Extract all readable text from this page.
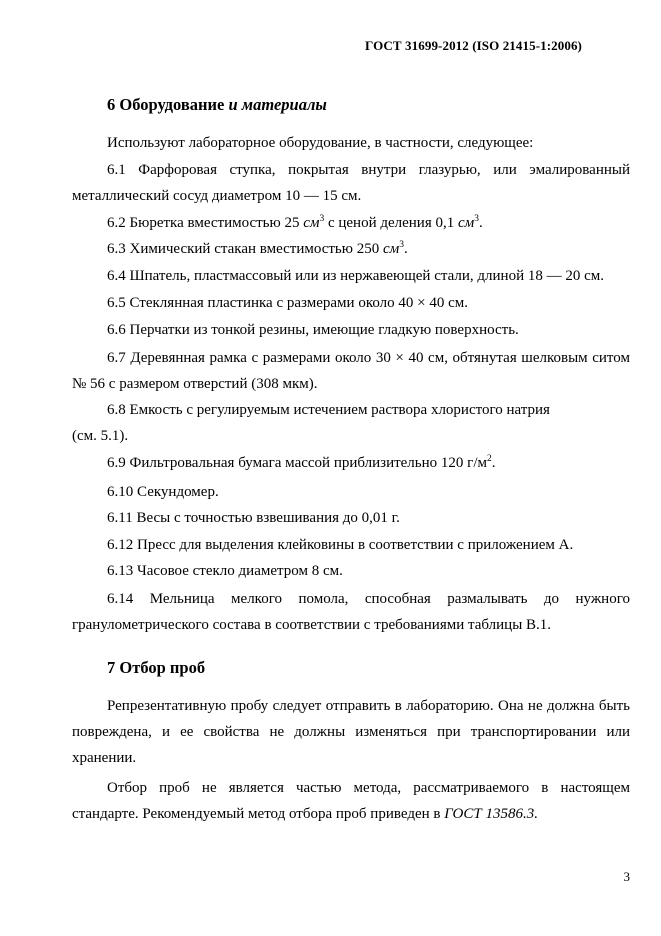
ГОСТ 31699-2012 (ISO 21415-1:2006)
6 Оборудование и материалы
Используют лабораторное оборудование, в частности, следующее:
6.1 Фарфоровая ступка, покрытая внутри глазурью, или эмалированный металлический сосуд диаметром 10 — 15 см.
6.2 Бюретка вместимостью 25 $см^3$ с ценой деления 0,1 $см^3$.
6.3 Химический стакан вместимостью 250 $см^3$.
6.4 Шпатель, пластмассовый или из нержавеющей стали, длиной 18 — 20 см.
6.5 Стеклянная пластинка с размерами около 40 × 40 см.
6.6 Перчатки из тонкой резины, имеющие гладкую поверхность.
6.7 Деревянная рамка с размерами около 30 × 40 см, обтянутая шелковым ситом № 56 с размером отверстий (308 мкм).
6.8 Емкость с регулируемым истечением раствора хлористого натрия
(см. 5.1).
6.9 Фильтровальная бумага массой приблизительно 120 $г/м^2$.
6.10 Секундомер.
6.11 Весы с точностью взвешивания до 0,01 г.
6.12 Пресс для выделения клейковины в соответствии с приложением А.
6.13 Часовое стекло диаметром 8 см.
6.14 Мельница мелкого помола, способная размалывать до нужного гранулометрического состава в соответствии с требованиями таблицы В.1.
7 Отбор проб
Репрезентативную пробу следует отправить в лабораторию. Она не должна быть повреждена, и ее свойства не должны изменяться при транспортировании или хранении.
Отбор проб не является частью метода, рассматриваемого в настоящем стандарте. Рекомендуемый метод отбора проб приведен в ГОСТ 13586.3.
3
